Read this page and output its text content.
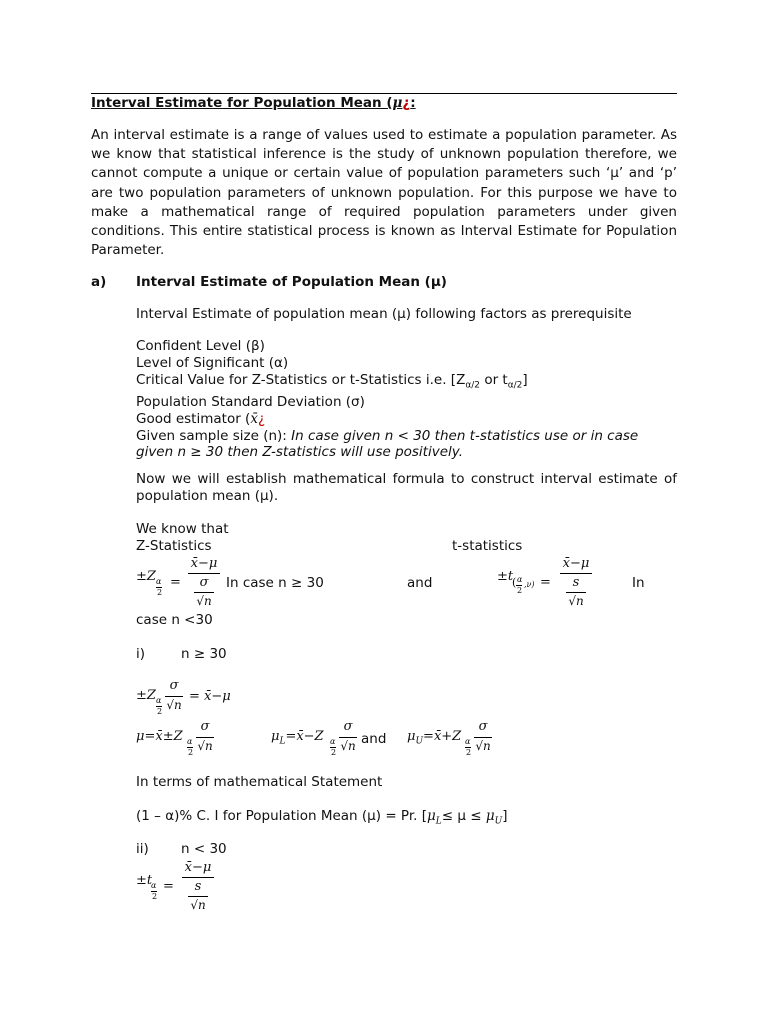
Interval Estimate for Population Mean (μ¿:
An interval estimate is a range of values used to estimate a population parameter. As we know that statistical inference is the study of unknown population therefore, we cannot compute a unique or certain value of population parameters such ‘μ’ and ‘p’ are two population parameters of unknown population. For this purpose we have to make a mathematical range of required population parameters under given conditions. This entire statistical process is known as Interval Estimate for Population Parameter.
a) Interval Estimate of Population Mean (μ)
Interval Estimate of population mean (μ) following factors as prerequisite
Confident Level (β)
Level of Significant (α)
Critical Value for Z-Statistics or t-Statistics i.e. [$Z_{\alpha/2}$ or $t_{\alpha/2}$]
Population Standard Deviation (σ)
Good estimator (x̄¿
Given sample size (n): In case given n < 30 then t-statistics use or in case
given n ≥ 30 then Z-statistics will use positively.
Now we will establish mathematical formula to construct interval estimate of population mean (μ).
We know that
Z-Statistics	t-statistics
±Z α
2
=
x̄−μ
σ
√n
In case n ≥ 30	and	±t
( α
2
,ν) =
x̄−μ
s
√n
In
case n <30
i)	n ≥ 30
±Z α
2
σ
√n
= x̄−μ
μ=x̄±Z α
2
σ
√n
$\mu_L=x̄-Z$ α
2
σ
√n and $\mu_U=x̄+Z$ α
2
σ
√n
In terms of mathematical Statement
(1 – α)% C. I for Population Mean (μ) = Pr. $[\mu_L\le \mu \le \mu_U]$
ii) n < 30
±t
α
2
=
x̄−μ
s
√n
